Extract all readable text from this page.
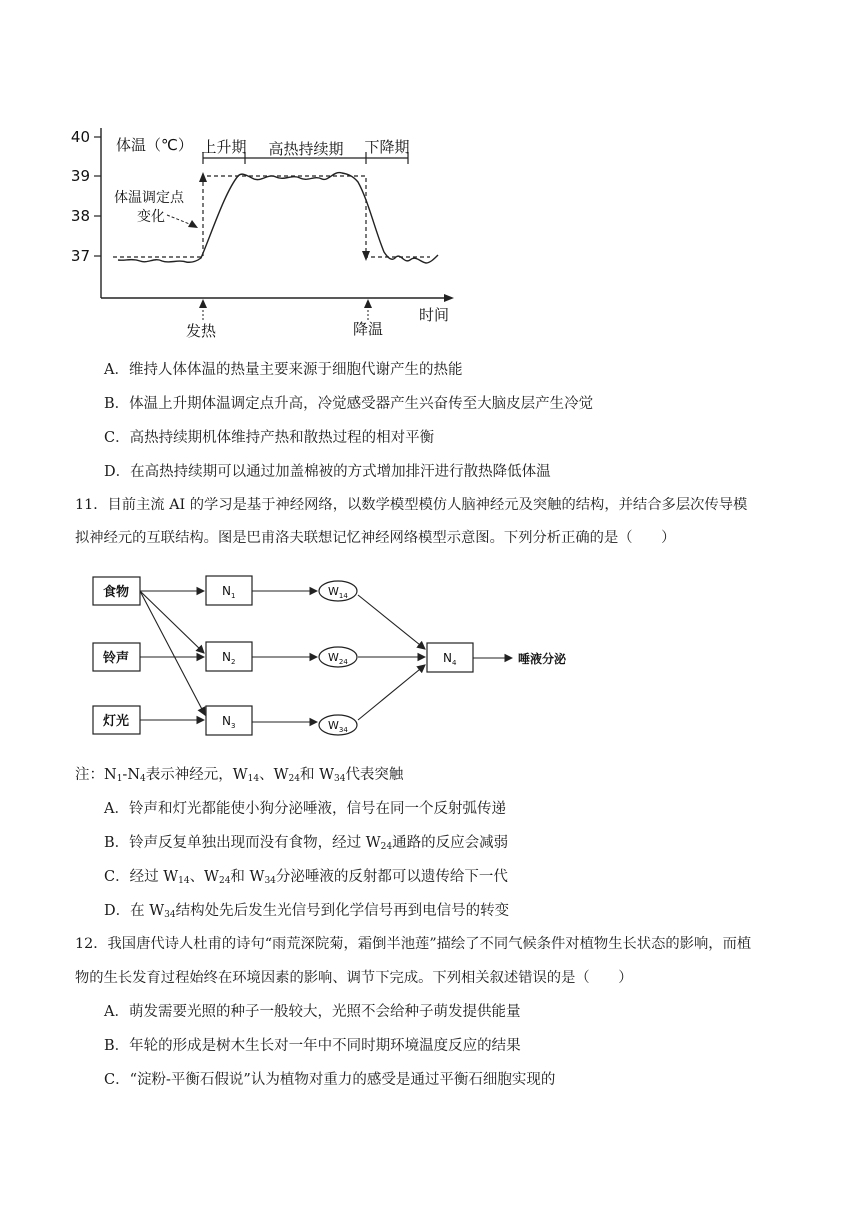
40
39
38
37
体温（℃） 上升期 高热持续期 下降期
体温调定点
变化
发热	降温
时间
A．维持人体体温的热量主要来源于细胞代谢产生的热能
B．体温上升期体温调定点升高，冷觉感受器产生兴奋传至大脑皮层产生冷觉
C．高热持续期机体维持产热和散热过程的相对平衡
D．在高热持续期可以通过加盖棉被的方式增加排汗进行散热降低体温
11．目前主流 AI 的学习是基于神经网络，以数学模型模仿人脑神经元及突触的结构，并结合多层次传导模
拟神经元的互联结构。图是巴甫洛夫联想记忆神经网络模型示意图。下列分析正确的是（　　）
食物
铃声
灯光
$N_1$
$N_2$
$N_3$
$N_4$
$W_{14}$
$W_{24}$
$W_{34}$
唾液分泌
注：$N_1-N_4$表示神经元，$W_{14}$、$W_{24}$和 $W_{34}$代表突触
A．铃声和灯光都能使小狗分泌唾液，信号在同一个反射弧传递
B．铃声反复单独出现而没有食物，经过 $W_{24}$通路的反应会减弱
C．经过 $W_{14}$、$W_{24}$和 $W_{34}$分泌唾液的反射都可以遗传给下一代
D．在 $W_{34}$结构处先后发生光信号到化学信号再到电信号的转变
12．我国唐代诗人杜甫的诗句“雨荒深院菊，霜倒半池莲”描绘了不同气候条件对植物生长状态的影响，而植
物的生长发育过程始终在环境因素的影响、调节下完成。下列相关叙述错误的是（　　）
A．萌发需要光照的种子一般较大，光照不会给种子萌发提供能量
B．年轮的形成是树木生长对一年中不同时期环境温度反应的结果
C．“淀粉-平衡石假说”认为植物对重力的感受是通过平衡石细胞实现的
